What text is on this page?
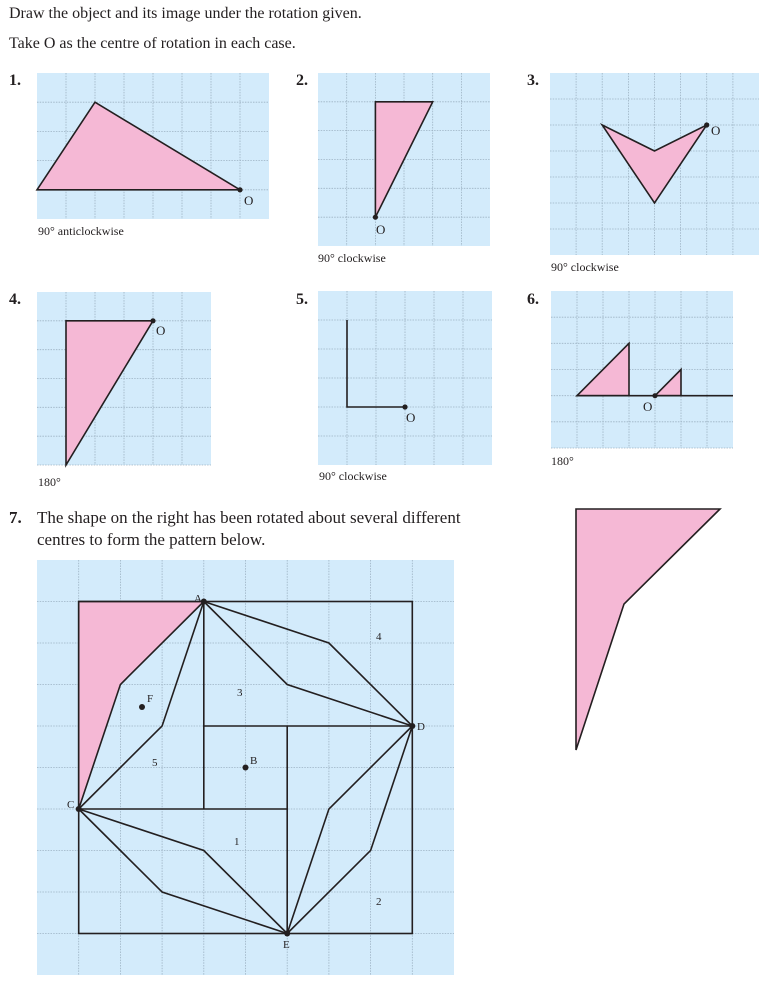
Draw the object and its image under the rotation given.
Take O as the centre of rotation in each case.
1.
O
90° anticlockwise
2.
O
90° clockwise
3.
O
90° clockwise
4.
O
180°
5.
O
90° clockwise
6.
O
180°
7. The shape on the right has been rotated about several different
centres to form the pattern below.
A
D
C
E
B
F
1
2
3
4
5
